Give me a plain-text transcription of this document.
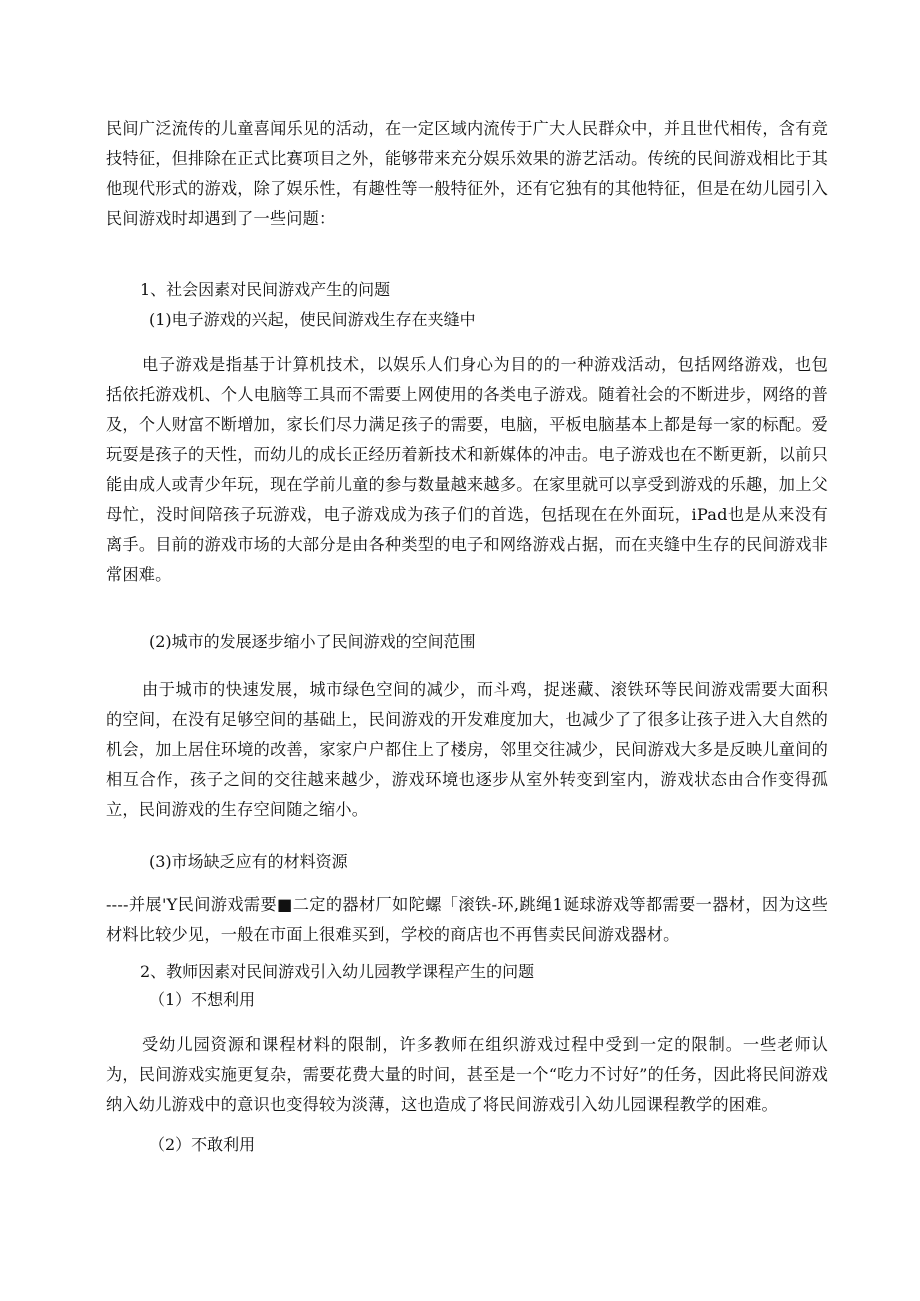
民间广泛流传的儿童喜闻乐见的活动，在一定区域内流传于广大人民群众中，并且世代相传，含有竞技特征，但排除在正式比赛项目之外，能够带来充分娱乐效果的游艺活动。传统的民间游戏相比于其他现代形式的游戏，除了娱乐性，有趣性等一般特征外，还有它独有的其他特征，但是在幼儿园引入民间游戏时却遇到了一些问题：

1、社会因素对民间游戏产生的问题
(1)电子游戏的兴起，使民间游戏生存在夹缝中

电子游戏是指基于计算机技术，以娱乐人们身心为目的的一种游戏活动，包括网络游戏，也包括依托游戏机、个人电脑等工具而不需要上网使用的各类电子游戏。随着社会的不断进步，网络的普及，个人财富不断增加，家长们尽力满足孩子的需要，电脑，平板电脑基本上都是每一家的标配。爱玩耍是孩子的天性，而幼儿的成长正经历着新技术和新媒体的冲击。电子游戏也在不断更新，以前只能由成人或青少年玩，现在学前儿童的参与数量越来越多。在家里就可以享受到游戏的乐趣，加上父母忙，没时间陪孩子玩游戏，电子游戏成为孩子们的首选，包括现在在外面玩，iPad也是从来没有离手。目前的游戏市场的大部分是由各种类型的电子和网络游戏占据，而在夹缝中生存的民间游戏非常困难。

(2)城市的发展逐步缩小了民间游戏的空间范围

由于城市的快速发展，城市绿色空间的减少，而斗鸡，捉迷藏、滚铁环等民间游戏需要大面积的空间，在没有足够空间的基础上，民间游戏的开发难度加大，也减少了了很多让孩子进入大自然的机会，加上居住环境的改善，家家户户都住上了楼房，邻里交往减少，民间游戏大多是反映儿童间的相互合作，孩子之间的交往越来越少，游戏环境也逐步从室外转变到室内，游戏状态由合作变得孤立，民间游戏的生存空间随之缩小。

(3)市场缺乏应有的材料资源

----并展'Y民间游戏需要■二定的器材厂如陀螺「滚铁-环,跳绳1诞球游戏等都需要一器材，因为这些材料比较少见，一般在市面上很难买到，学校的商店也不再售卖民间游戏器材。

2、教师因素对民间游戏引入幼儿园教学课程产生的问题
（1）不想利用

受幼儿园资源和课程材料的限制，许多教师在组织游戏过程中受到一定的限制。一些老师认为，民间游戏实施更复杂，需要花费大量的时间，甚至是一个“吃力不讨好”的任务，因此将民间游戏纳入幼儿游戏中的意识也变得较为淡薄，这也造成了将民间游戏引入幼儿园课程教学的困难。

（2）不敢利用
